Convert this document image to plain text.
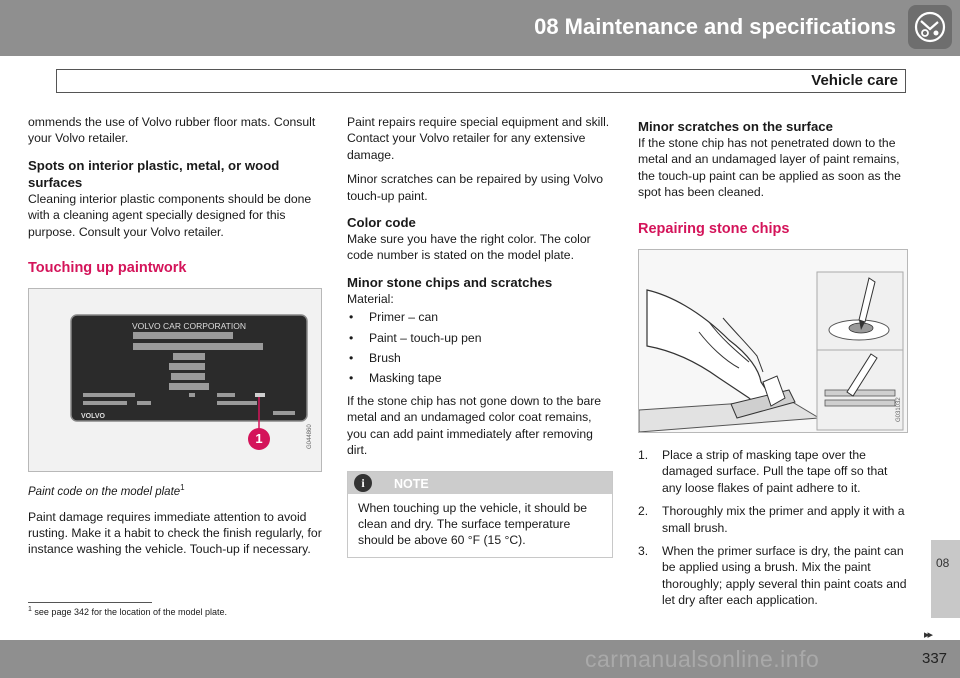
08 Maintenance and specifications
Vehicle care

ommends the use of Volvo rubber floor mats. Consult your Volvo retailer.

Spots on interior plastic, metal, or wood surfaces

Cleaning interior plastic components should be done with a cleaning agent specially designed for this purpose. Consult your Volvo retailer.

Touching up paintwork
VOLVO CAR CORPORATION
VOLVO
1	G044860
Paint code on the model plate$^1$

Paint damage requires immediate attention to avoid rusting. Make it a habit to check the finish regularly, for instance washing the vehicle. Touch-up if necessary.

Paint repairs require special equipment and skill. Contact your Volvo retailer for any extensive damage.

Minor scratches can be repaired by using Volvo touch-up paint.

Color code

Make sure you have the right color. The color code number is stated on the model plate.

Minor stone chips and scratches
Material:
• Primer – can
• Paint – touch-up pen
• Brush
• Masking tape

If the stone chip has not gone down to the bare metal and an undamaged color coat remains, you can add paint immediately after removing dirt.

i	NOTE
When touching up the vehicle, it should be clean and dry. The surface temperature should be above 60 °F (15 °C).
Minor scratches on the surface

If the stone chip has not penetrated down to the metal and an undamaged layer of paint remains, the touch-up paint can be applied as soon as the spot has been cleaned.

Repairing stone chips
G031032
1. Place a strip of masking tape over the damaged surface. Pull the tape off so that any loose flakes of paint adhere to it.
2. Thoroughly mix the primer and apply it with a small brush.
3. When the primer surface is dry, the paint can be applied using a brush. Mix the paint thoroughly; apply several thin paint coats and let dry after each application.
$^1$ see page 342 for the location of the model plate.
08
carmanualsonline.info
▸▸
337
